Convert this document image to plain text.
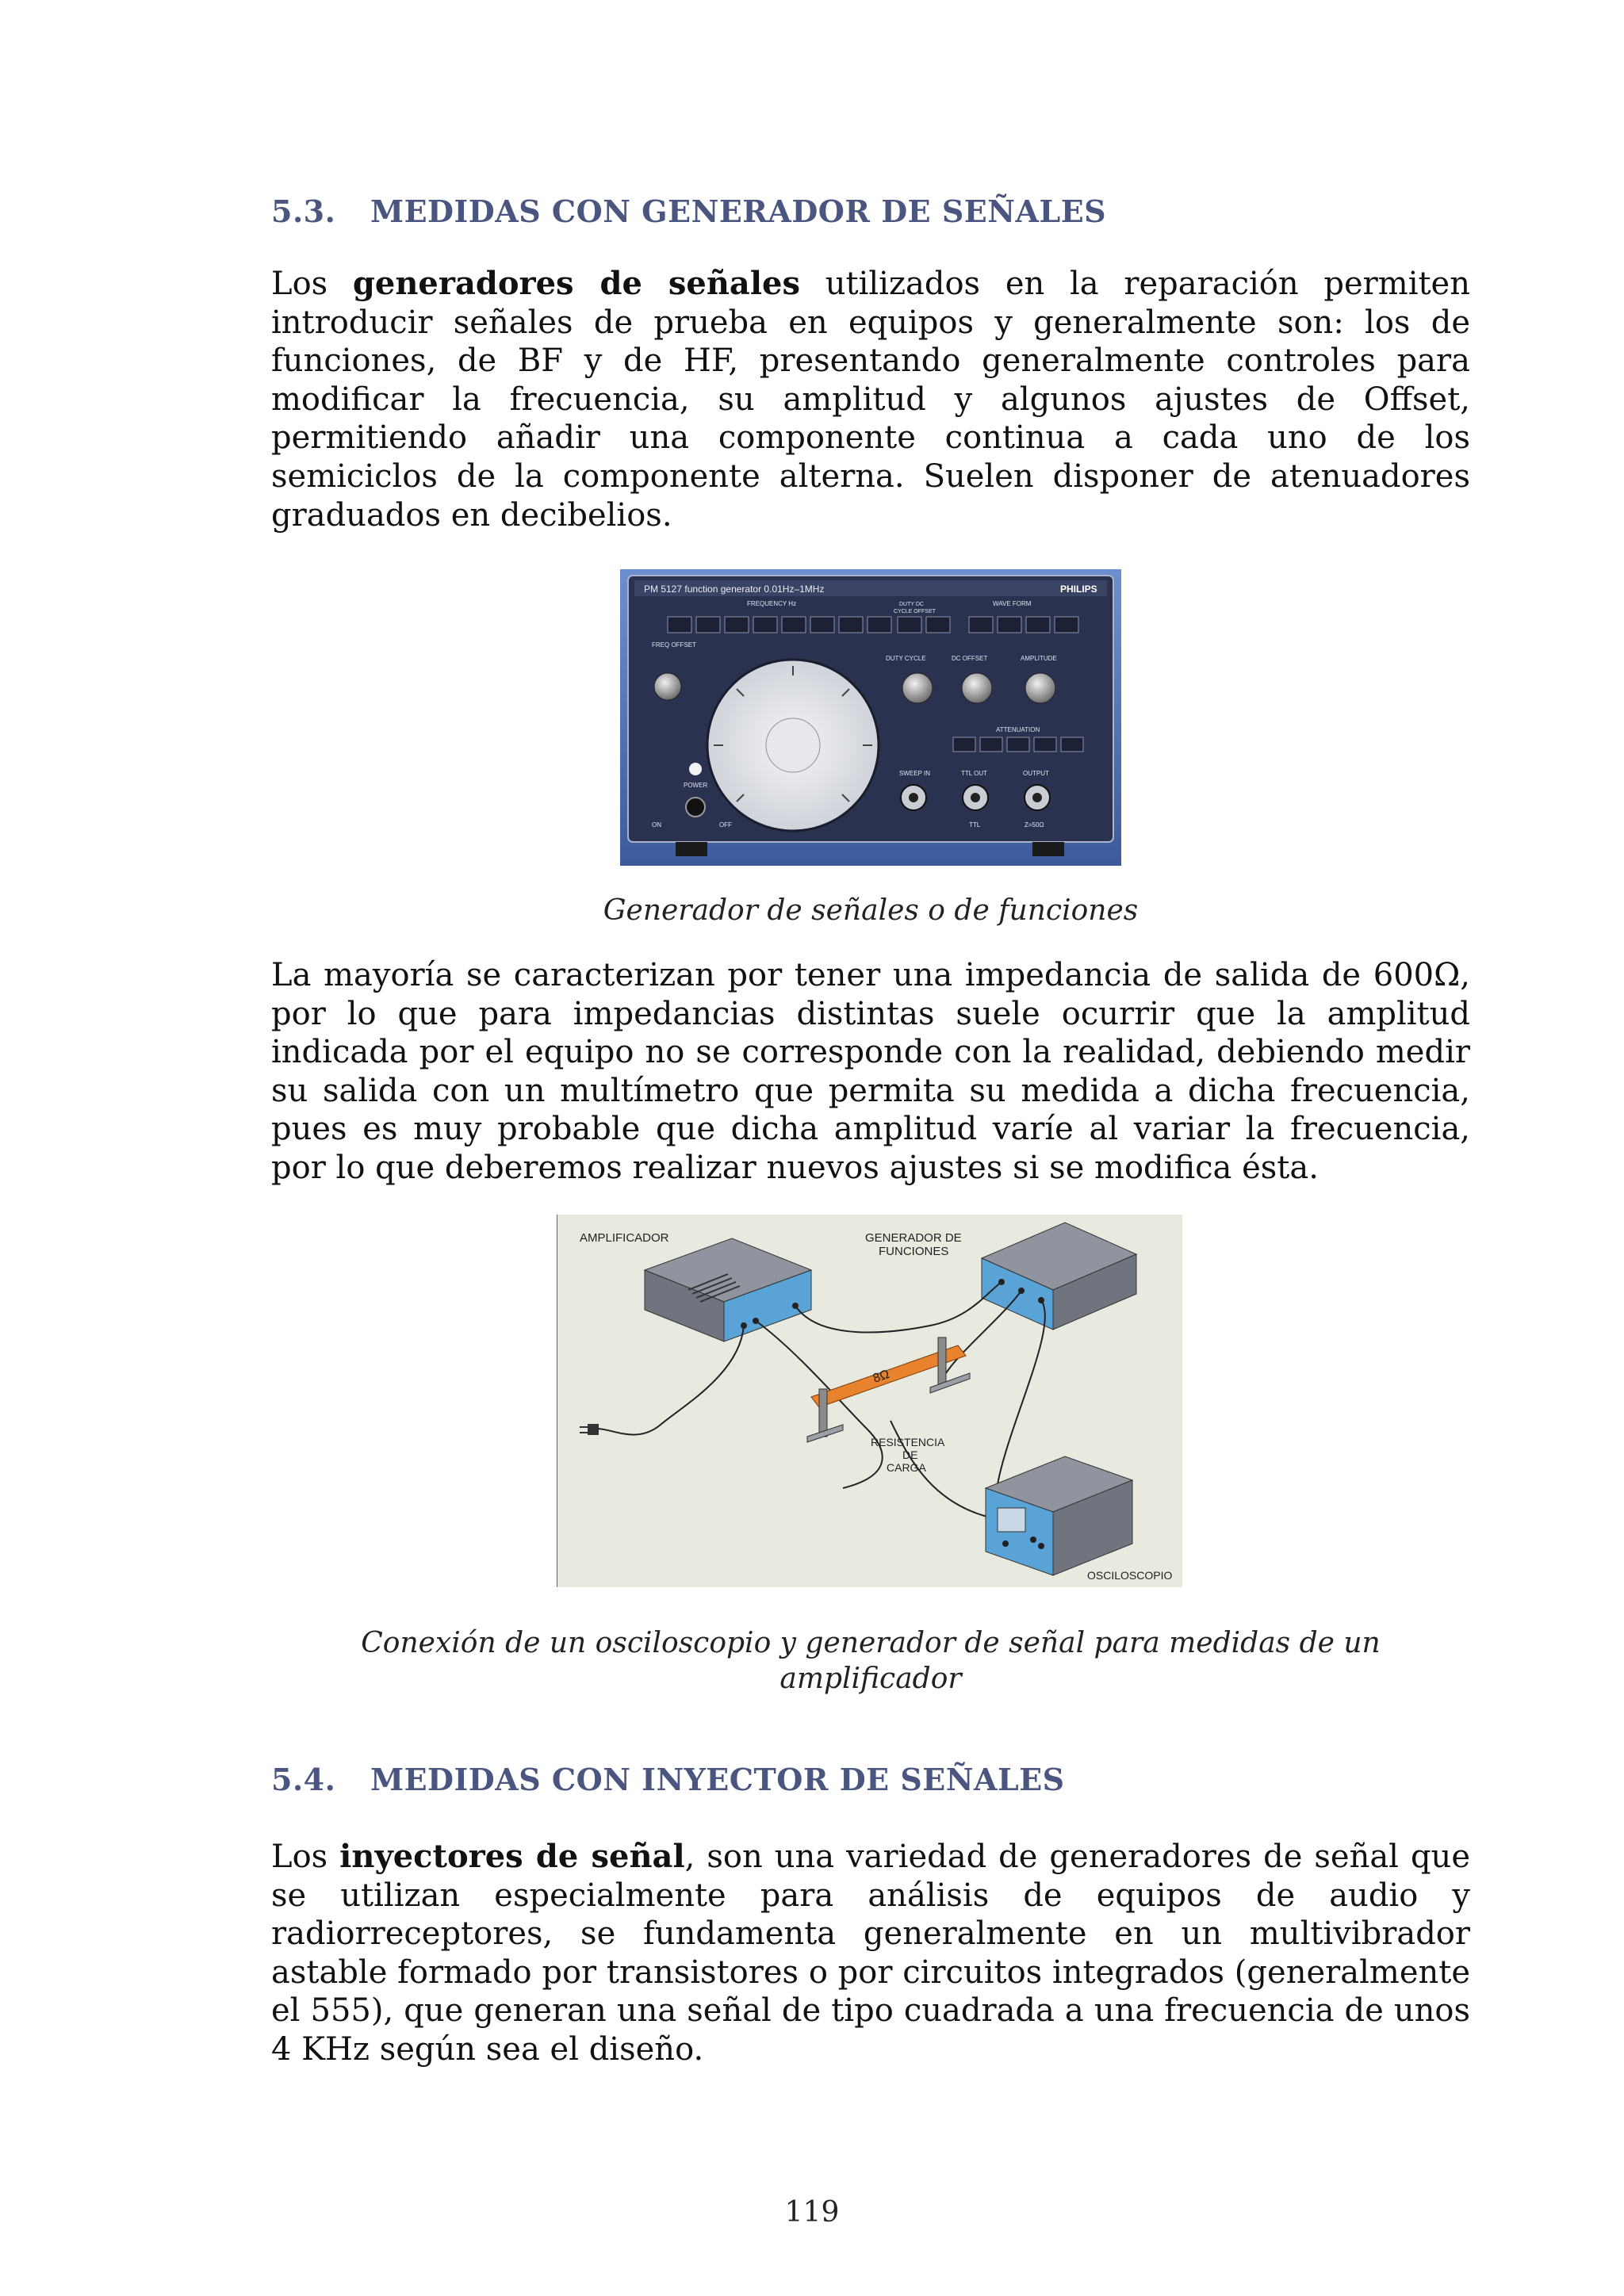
5.3. MEDIDAS CON GENERADOR DE SEÑALES

Los generadores de señales utilizados en la reparación permiten introducir señales de prueba en equipos y generalmente son: los de funciones, de BF y de HF, presentando generalmente controles para modificar la frecuencia, su amplitud y algunos ajustes de Offset, permitiendo añadir una componente continua a cada uno de los semiciclos de la componente alterna. Suelen disponer de atenuadores graduados en decibelios.

PM 5127 function generator 0.01Hz–1MHz	PHILIPS
FREQUENCY Hz	DUTY DC
CYCLE OFFSET
WAVE FORM
FREQ OFFSET
DUTY CYCLE	DC OFFSET	AMPLITUDE
ATTENUATION
POWER
ON	OFF
SWEEP IN	TTL OUT	OUTPUT
TTL	Z=50Ω

Generador de señales o de funciones

La mayoría se caracterizan por tener una impedancia de salida de 600Ω, por lo que para impedancias distintas suele ocurrir que la amplitud indicada por el equipo no se corresponde con la realidad, debiendo medir su salida con un multímetro que permita su medida a dicha frecuencia, pues es muy probable que dicha amplitud varíe al variar la frecuencia, por lo que deberemos realizar nuevos ajustes si se modifica ésta.

AMPLIFICADOR	GENERADOR DE
FUNCIONES
8Ω
RESISTENCIA
DE
CARGA
OSCILOSCOPIO

Conexión de un osciloscopio y generador de señal para medidas de un
amplificador

5.4. MEDIDAS CON INYECTOR DE SEÑALES

Los inyectores de señal, son una variedad de generadores de señal que se utilizan especialmente para análisis de equipos de audio y radiorreceptores, se fundamenta generalmente en un multivibrador astable formado por transistores o por circuitos integrados (generalmente el 555), que generan una señal de tipo cuadrada a una frecuencia de unos 4 KHz según sea el diseño.

119
